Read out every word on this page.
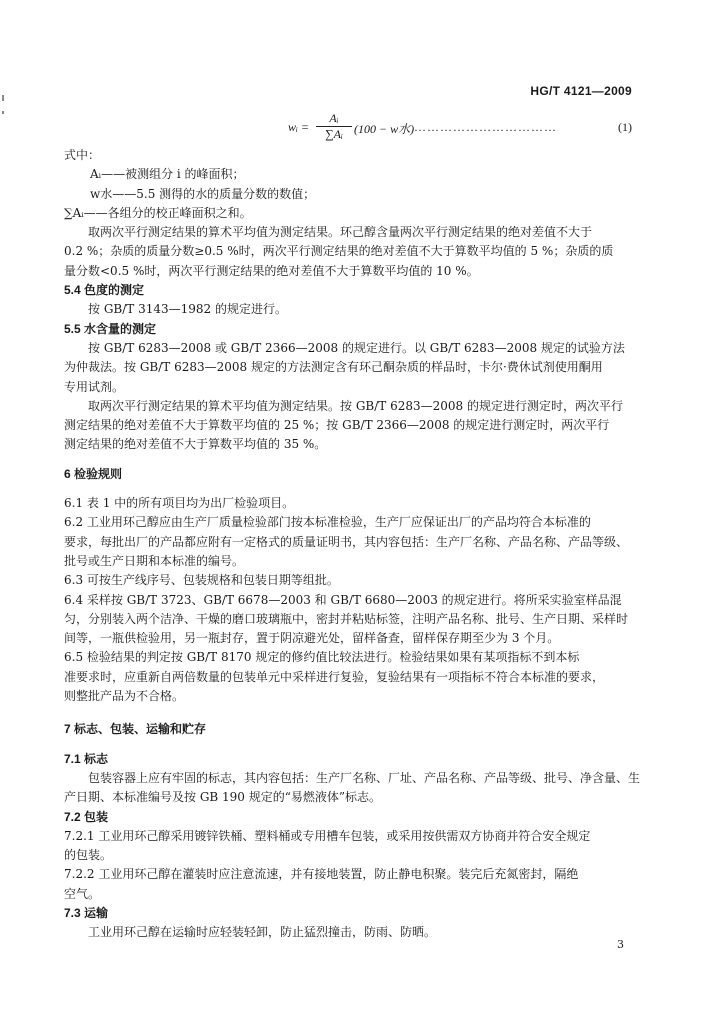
HG/T 4121—2009
wᵢ = $\frac{\text{Aᵢ}}{\text{∑Aᵢ}} (100 - w$水) ……………………………	(1)
式中：
Aᵢ——被测组分 i 的峰面积；
w水——5.5 测得的水的质量分数的数值；
∑Aᵢ——各组分的校正峰面积之和。
取两次平行测定结果的算术平均值为测定结果。环己醇含量两次平行测定结果的绝对差值不大于
0.2 %；杂质的质量分数≥0.5 %时，两次平行测定结果的绝对差值不大于算数平均值的 5 %；杂质的质
量分数<0.5 %时，两次平行测定结果的绝对差值不大于算数平均值的 10 %。
5.4 色度的测定
按 GB/T 3143—1982 的规定进行。
5.5 水含量的测定
按 GB/T 6283—2008 或 GB/T 2366—2008 的规定进行。以 GB/T 6283—2008 规定的试验方法
为仲裁法。按 GB/T 6283—2008 规定的方法测定含有环己酮杂质的样品时，卡尔·费休试剂使用酮用
专用试剂。
取两次平行测定结果的算术平均值为测定结果。按 GB/T 6283—2008 的规定进行测定时，两次平行
测定结果的绝对差值不大于算数平均值的 25 %；按 GB/T 2366—2008 的规定进行测定时，两次平行
测定结果的绝对差值不大于算数平均值的 35 %。
6 检验规则
6.1 表 1 中的所有项目均为出厂检验项目。
6.2 工业用环己醇应由生产厂质量检验部门按本标准检验，生产厂应保证出厂的产品均符合本标准的
要求，每批出厂的产品都应附有一定格式的质量证明书，其内容包括：生产厂名称、产品名称、产品等级、
批号或生产日期和本标准的编号。
6.3 可按生产线序号、包装规格和包装日期等组批。
6.4 采样按 GB/T 3723、GB/T 6678—2003 和 GB/T 6680—2003 的规定进行。将所采实验室样品混
匀，分别装入两个洁净、干燥的磨口玻璃瓶中，密封并粘贴标签，注明产品名称、批号、生产日期、采样时
间等，一瓶供检验用，另一瓶封存，置于阴凉避光处，留样备查，留样保存期至少为 3 个月。
6.5 检验结果的判定按 GB/T 8170 规定的修约值比较法进行。检验结果如果有某项指标不到本标
准要求时，应重新自两倍数量的包装单元中采样进行复验，复验结果有一项指标不符合本标准的要求，
则整批产品为不合格。
7 标志、包装、运输和贮存
7.1 标志
包装容器上应有牢固的标志，其内容包括：生产厂名称、厂址、产品名称、产品等级、批号、净含量、生
产日期、本标准编号及按 GB 190 规定的“易燃液体”标志。
7.2 包装
7.2.1 工业用环己醇采用镀锌铁桶、塑料桶或专用槽车包装，或采用按供需双方协商并符合安全规定
的包装。
7.2.2 工业用环己醇在灌装时应注意流速，并有接地装置，防止静电积聚。装完后充氮密封，隔绝
空气。
7.3 运输
工业用环己醇在运输时应轻装轻卸，防止猛烈撞击，防雨、防晒。
3
